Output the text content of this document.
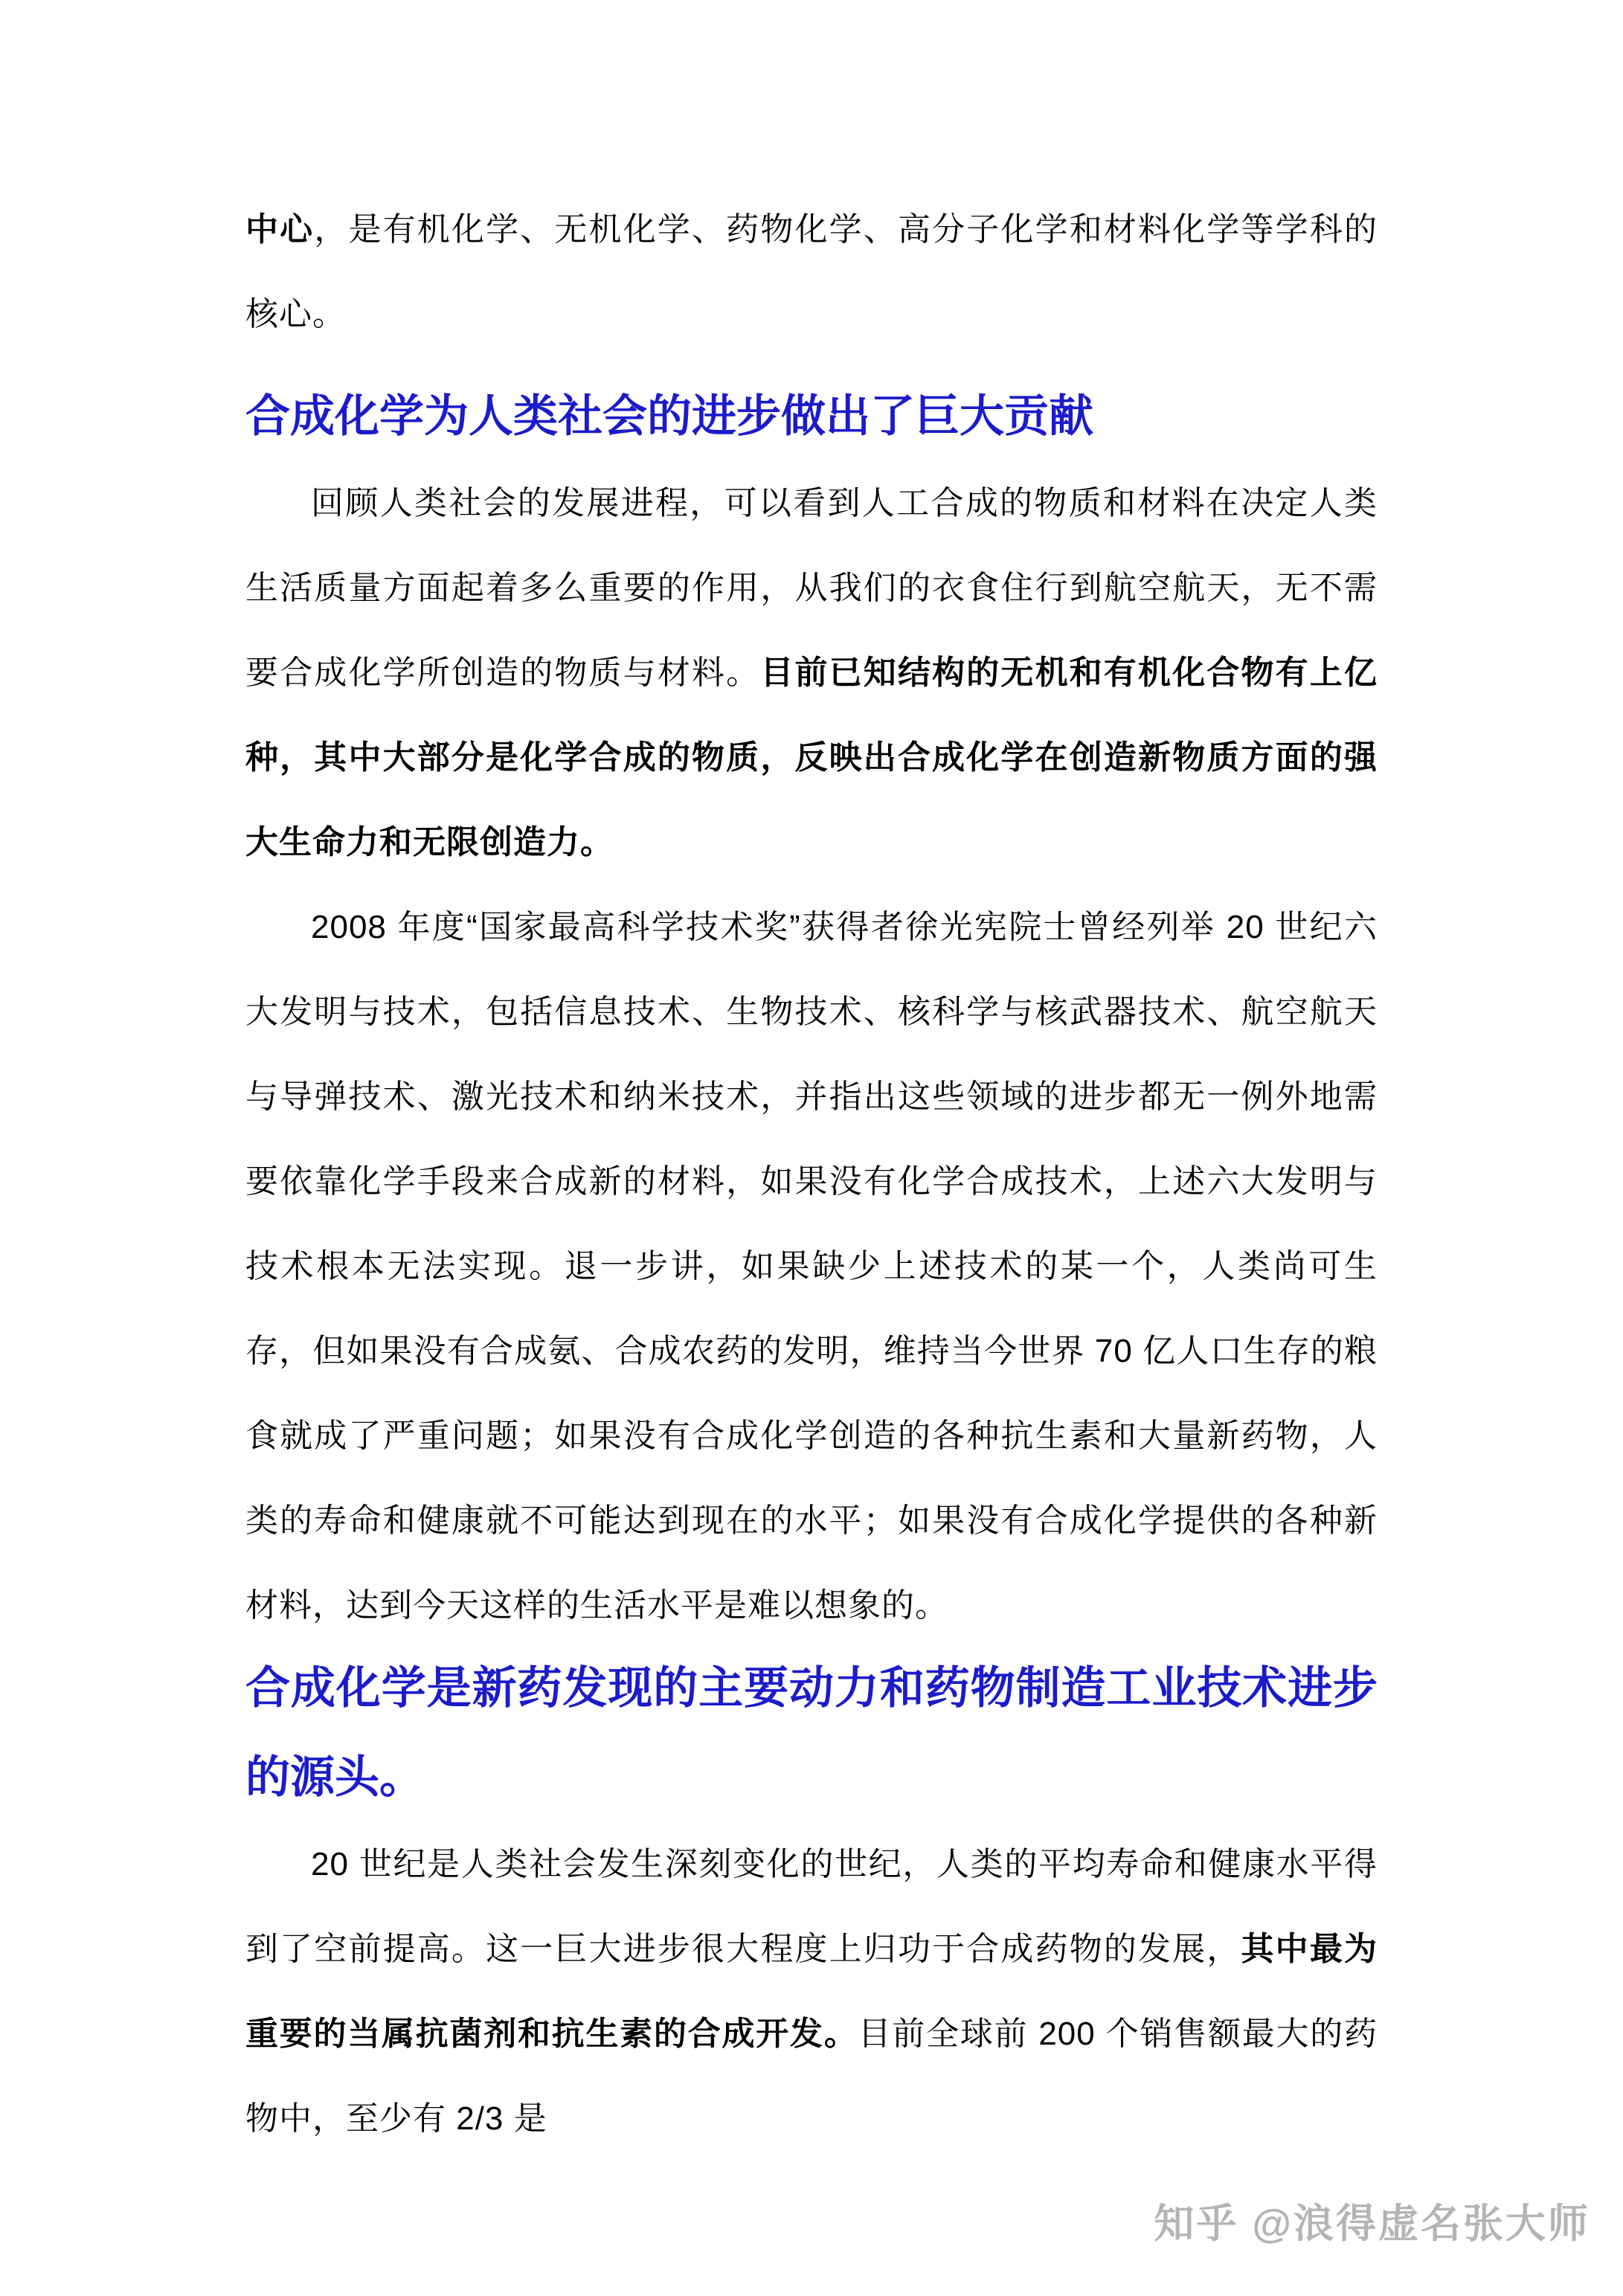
中心，是有机化学、无机化学、药物化学、高分子化学和材料化学等学科的核心。

合成化学为人类社会的进步做出了巨大贡献

回顾人类社会的发展进程，可以看到人工合成的物质和材料在决定人类生活质量方面起着多么重要的作用，从我们的衣食住行到航空航天，无不需要合成化学所创造的物质与材料。目前已知结构的无机和有机化合物有上亿种，其中大部分是化学合成的物质，反映出合成化学在创造新物质方面的强大生命力和无限创造力。

2008 年度“国家最高科学技术奖”获得者徐光宪院士曾经列举 20 世纪六大发明与技术，包括信息技术、生物技术、核科学与核武器技术、航空航天与导弹技术、激光技术和纳米技术，并指出这些领域的进步都无一例外地需要依靠化学手段来合成新的材料，如果没有化学合成技术，上述六大发明与技术根本无法实现。退一步讲，如果缺少上述技术的某一个，人类尚可生存，但如果没有合成氨、合成农药的发明，维持当今世界 70 亿人口生存的粮食就成了严重问题；如果没有合成化学创造的各种抗生素和大量新药物，人类的寿命和健康就不可能达到现在的水平；如果没有合成化学提供的各种新材料，达到今天这样的生活水平是难以想象的。

合成化学是新药发现的主要动力和药物制造工业技术进步的源头。

20 世纪是人类社会发生深刻变化的世纪，人类的平均寿命和健康水平得到了空前提高。这一巨大进步很大程度上归功于合成药物的发展，其中最为重要的当属抗菌剂和抗生素的合成开发。目前全球前 200 个销售额最大的药物中，至少有 2/3 是

知乎 @浪得虚名张大师
